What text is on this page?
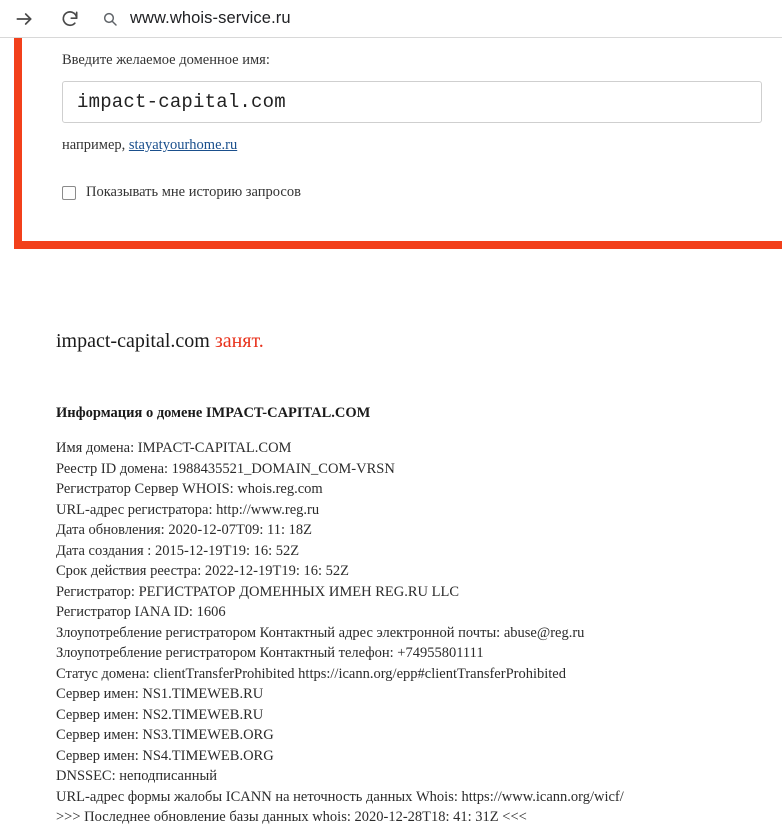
www.whois-service.ru
Введите желаемое доменное имя:
impact-capital.com
например, stayatyourhome.ru
Показывать мне историю запросов
impact-capital.com занят.
Информация о домене IMPACT-CAPITAL.COM
Имя домена: IMPACT-CAPITAL.COM
Реестр ID домена: 1988435521_DOMAIN_COM-VRSN
Регистратор Сервер WHOIS: whois.reg.com
URL-адрес регистратора: http://www.reg.ru
Дата обновления: 2020-12-07T09: 11: 18Z
Дата создания : 2015-12-19T19: 16: 52Z
Срок действия реестра: 2022-12-19T19: 16: 52Z
Регистратор: РЕГИСТРАТОР ДОМЕННЫХ ИМЕН REG.RU LLC
Регистратор IANA ID: 1606
Злоупотребление регистратором Контактный адрес электронной почты: abuse@reg.ru
Злоупотребление регистратором Контактный телефон: +74955801111
Статус домена: clientTransferProhibited https://icann.org/epp#clientTransferProhibited
Сервер имен: NS1.TIMEWEB.RU
Сервер имен: NS2.TIMEWEB.RU
Сервер имен: NS3.TIMEWEB.ORG
Сервер имен: NS4.TIMEWEB.ORG
DNSSEC: неподписанный
URL-адрес формы жалобы ICANN на неточность данных Whois: https://www.icann.org/wicf/
>>> Последнее обновление базы данных whois: 2020-12-28T18: 41: 31Z <<<
